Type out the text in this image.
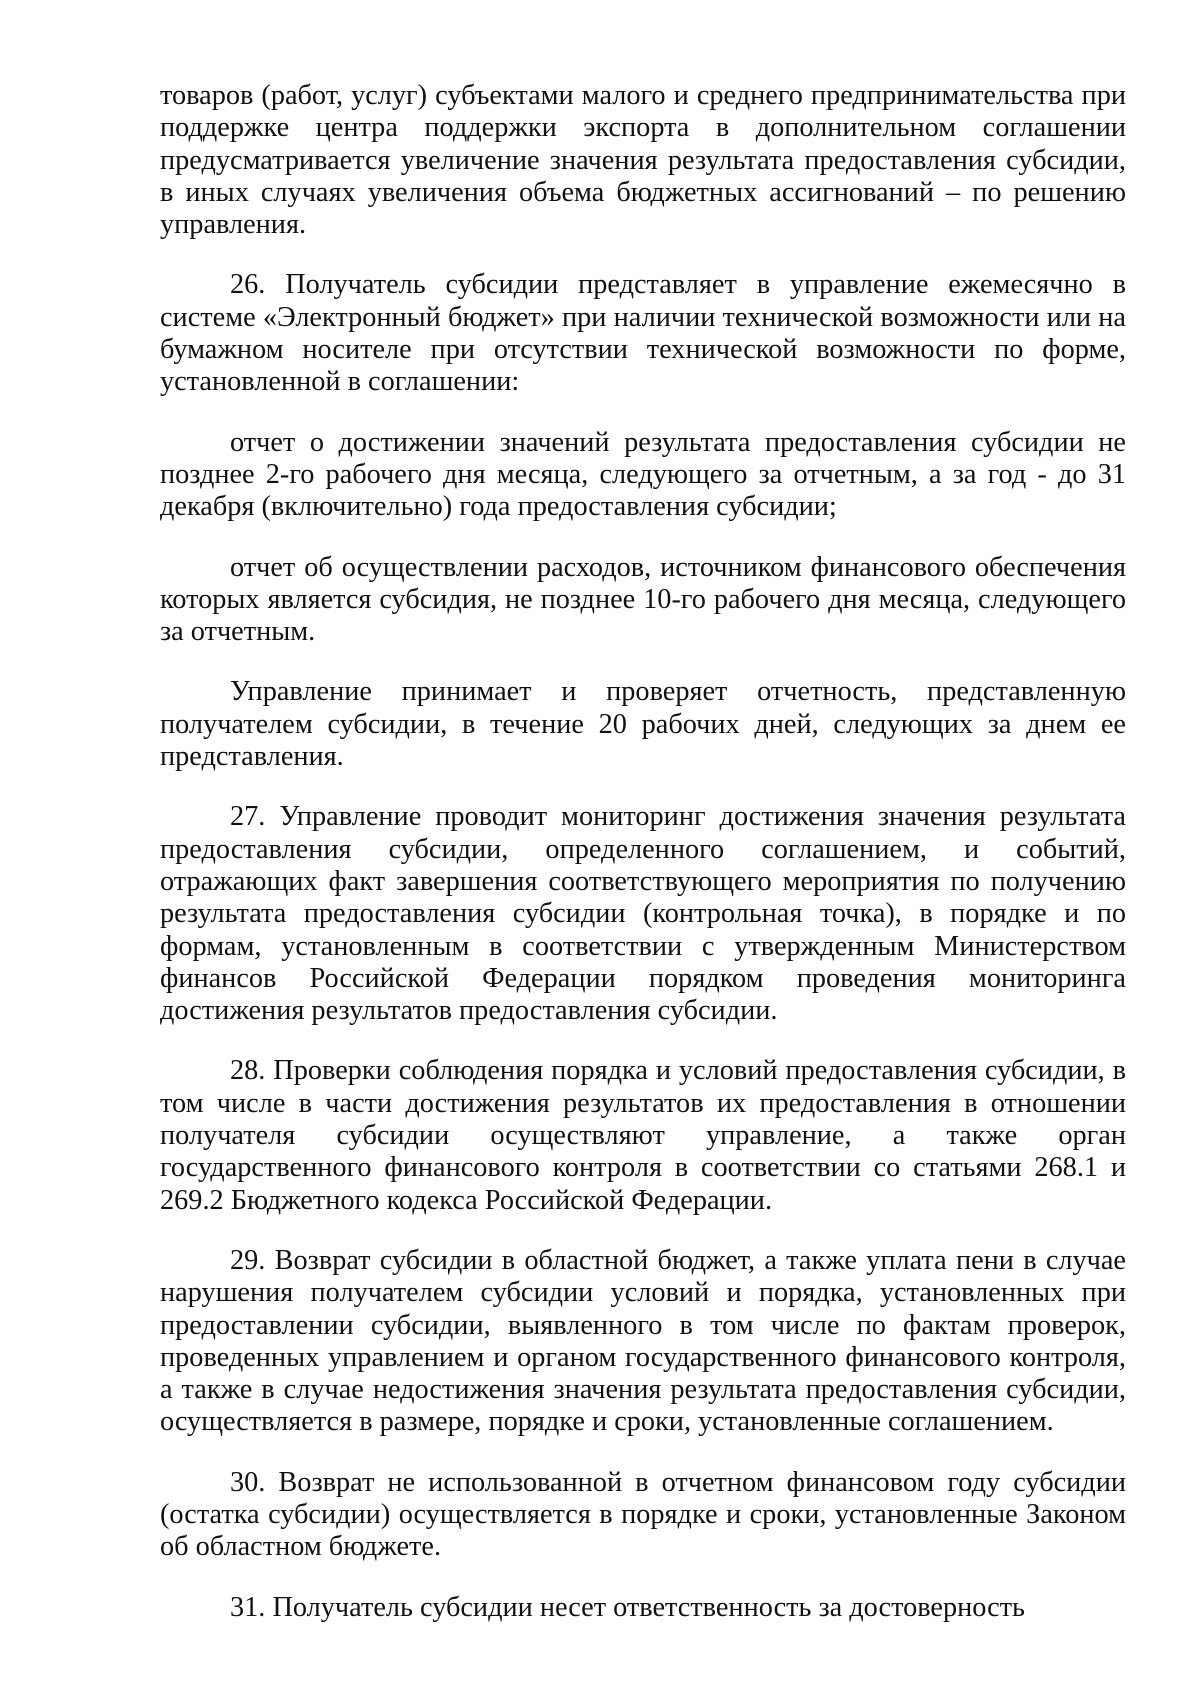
товаров (работ, услуг) субъектами малого и среднего предпринимательства при поддержке центра поддержки экспорта в дополнительном соглашении предусматривается увеличение значения результата предоставления субсидии, в иных случаях увеличения объема бюджетных ассигнований – по решению управления.

26. Получатель субсидии представляет в управление ежемесячно в системе «Электронный бюджет» при наличии технической возможности или на бумажном носителе при отсутствии технической возможности по форме, установленной в соглашении:

отчет о достижении значений результата предоставления субсидии не позднее 2-го рабочего дня месяца, следующего за отчетным, а за год - до 31 декабря (включительно) года предоставления субсидии;

отчет об осуществлении расходов, источником финансового обеспечения которых является субсидия, не позднее 10-го рабочего дня месяца, следующего за отчетным.

Управление принимает и проверяет отчетность, представленную получателем субсидии, в течение 20 рабочих дней, следующих за днем ее представления.

27. Управление проводит мониторинг достижения значения результата предоставления субсидии, определенного соглашением, и событий, отражающих факт завершения соответствующего мероприятия по получению результата предоставления субсидии (контрольная точка), в порядке и по формам, установленным в соответствии с утвержденным Министерством финансов Российской Федерации порядком проведения мониторинга достижения результатов предоставления субсидии.

28. Проверки соблюдения порядка и условий предоставления субсидии, в том числе в части достижения результатов их предоставления в отношении получателя субсидии осуществляют управление, а также орган государственного финансового контроля в соответствии со статьями 268.1 и 269.2 Бюджетного кодекса Российской Федерации.

29. Возврат субсидии в областной бюджет, а также уплата пени в случае нарушения получателем субсидии условий и порядка, установленных при предоставлении субсидии, выявленного в том числе по фактам проверок, проведенных управлением и органом государственного финансового контроля, а также в случае недостижения значения результата предоставления субсидии, осуществляется в размере, порядке и сроки, установленные соглашением.

30. Возврат не использованной в отчетном финансовом году субсидии (остатка субсидии) осуществляется в порядке и сроки, установленные Законом об областном бюджете.

31. Получатель субсидии несет ответственность за достоверность
